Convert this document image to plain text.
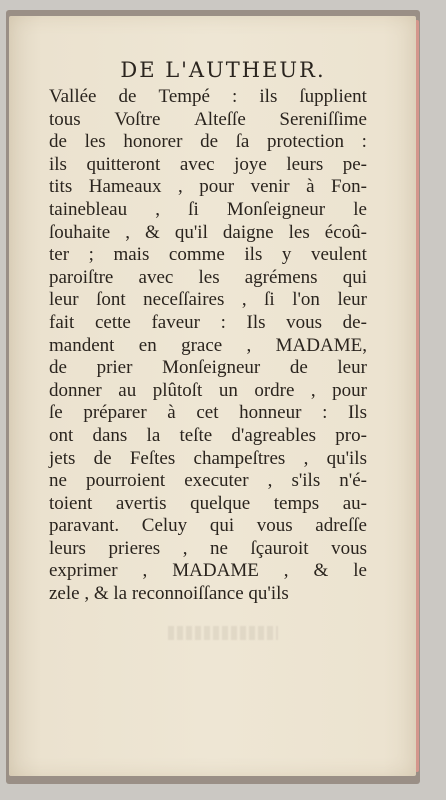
DE L'AUTHEUR.
Vallée de Tempé : ils ſupplient
tous Voſtre Alteſſe Sereniſſime
de les honorer de ſa protection :
ils quitteront avec joye leurs pe-
tits Hameaux , pour venir à Fon-
tainebleau , ſi Monſeigneur le
ſouhaite , & qu'il daigne les écoû-
ter ; mais comme ils y veulent
paroiſtre avec les agrémens qui
leur ſont neceſſaires , ſi l'on leur
fait cette faveur : Ils vous de-
mandent en grace , MADAME,
de prier Monſeigneur de leur
donner au plûtoſt un ordre , pour
ſe préparer à cet honneur : Ils
ont dans la teſte d'agreables pro-
jets de Feſtes champeſtres , qu'ils
ne pourroient executer , s'ils n'é-
toient avertis quelque temps au-
paravant. Celuy qui vous adreſſe
leurs prieres , ne ſçauroit vous
exprimer , MADAME , & le
zele , & la reconnoiſſance qu'ils
